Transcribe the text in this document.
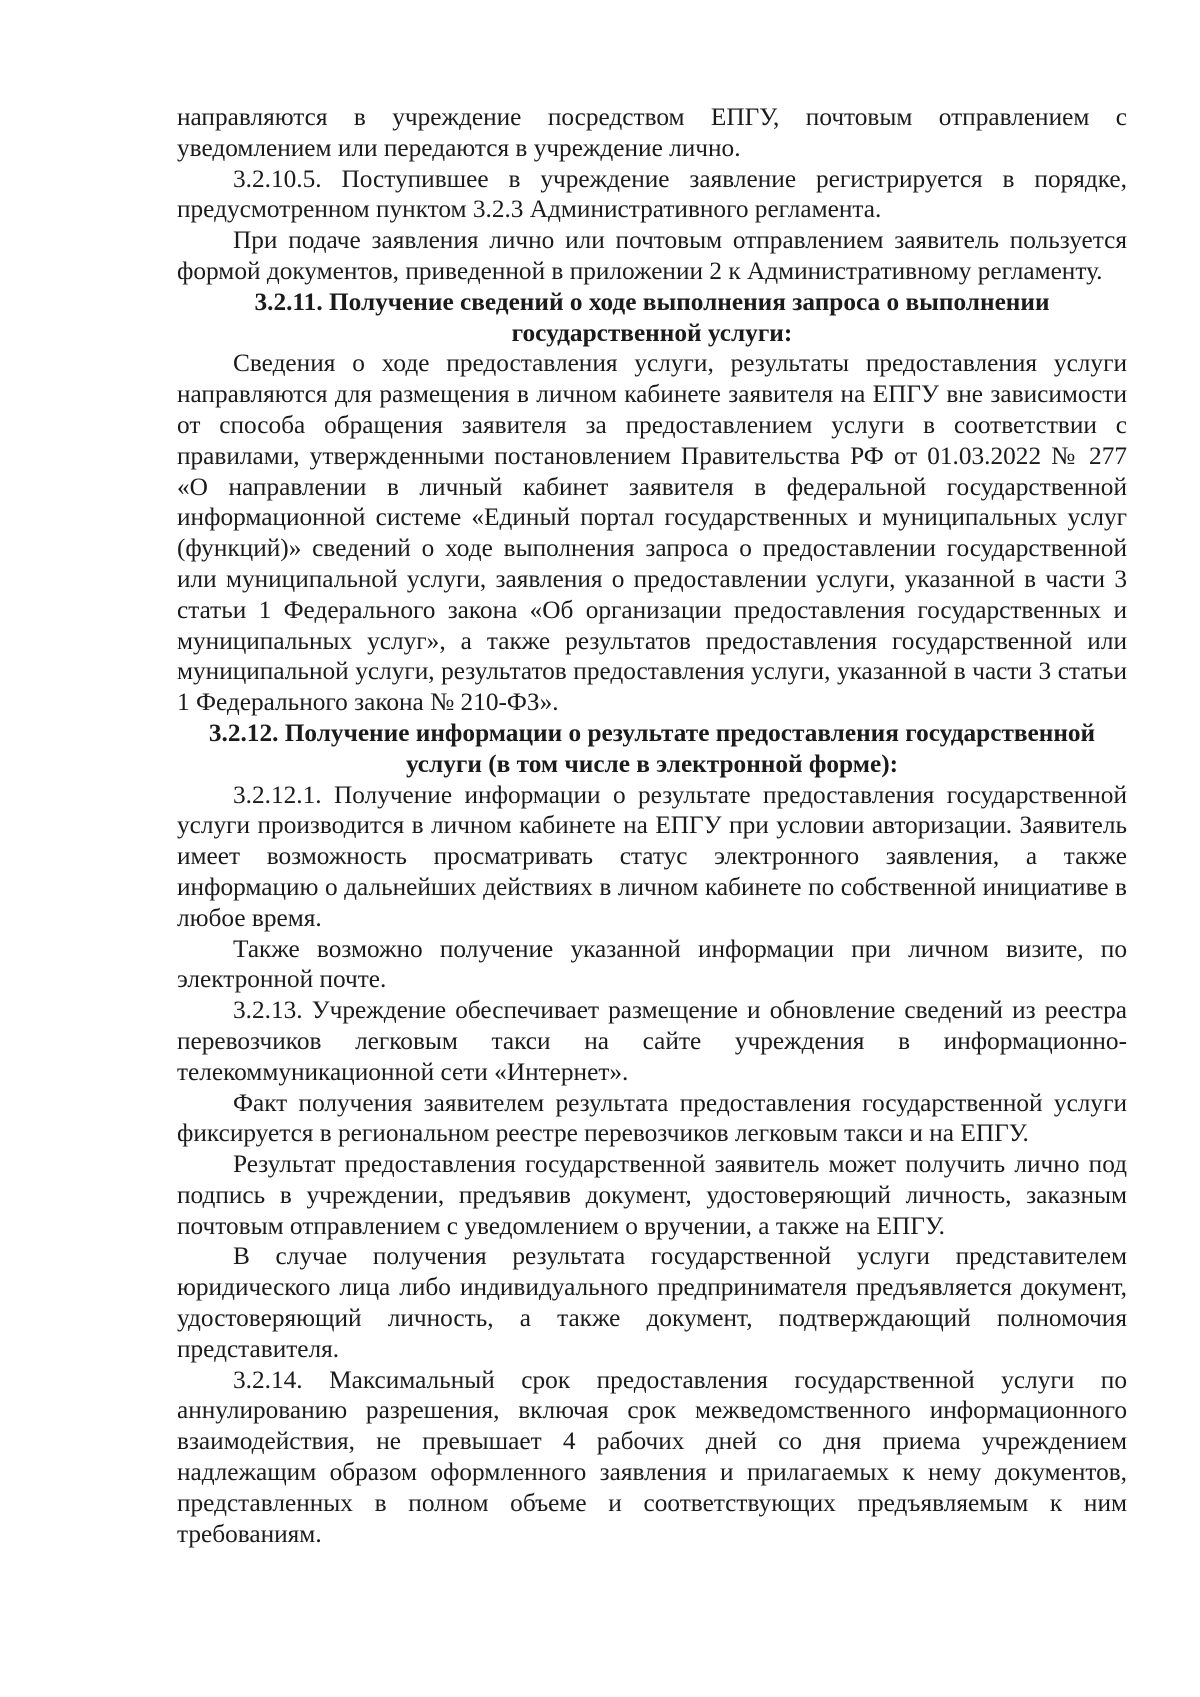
направляются в учреждение посредством ЕПГУ, почтовым отправлением с уведомлением или передаются в учреждение лично.

3.2.10.5. Поступившее в учреждение заявление регистрируется в порядке, предусмотренном пунктом 3.2.3 Административного регламента.

При подаче заявления лично или почтовым отправлением заявитель пользуется формой документов, приведенной в приложении 2 к Административному регламенту.

3.2.11. Получение сведений о ходе выполнения запроса о выполнении государственной услуги:

Сведения о ходе предоставления услуги, результаты предоставления услуги направляются для размещения в личном кабинете заявителя на ЕПГУ вне зависимости от способа обращения заявителя за предоставлением услуги в соответствии с правилами, утвержденными постановлением Правительства РФ от 01.03.2022 № 277 «О направлении в личный кабинет заявителя в федеральной государственной информационной системе «Единый портал государственных и муниципальных услуг (функций)» сведений о ходе выполнения запроса о предоставлении государственной или муниципальной услуги, заявления о предоставлении услуги, указанной в части 3 статьи 1 Федерального закона «Об организации предоставления государственных и муниципальных услуг», а также результатов предоставления государственной или муниципальной услуги, результатов предоставления услуги, указанной в части 3 статьи 1 Федерального закона № 210-ФЗ».

3.2.12. Получение информации о результате предоставления государственной услуги (в том числе в электронной форме):

3.2.12.1. Получение информации о результате предоставления государственной услуги производится в личном кабинете на ЕПГУ при условии авторизации. Заявитель имеет возможность просматривать статус электронного заявления, а также информацию о дальнейших действиях в личном кабинете по собственной инициативе в любое время.

Также возможно получение указанной информации при личном визите, по электронной почте.

3.2.13. Учреждение обеспечивает размещение и обновление сведений из реестра перевозчиков легковым такси на сайте учреждения в информационно-телекоммуникационной сети «Интернет».

Факт получения заявителем результата предоставления государственной услуги фиксируется в региональном реестре перевозчиков легковым такси и на ЕПГУ.

Результат предоставления государственной заявитель может получить лично под подпись в учреждении, предъявив документ, удостоверяющий личность, заказным почтовым отправлением с уведомлением о вручении, а также на ЕПГУ.

В случае получения результата государственной услуги представителем юридического лица либо индивидуального предпринимателя предъявляется документ, удостоверяющий личность, а также документ, подтверждающий полномочия представителя.

3.2.14. Максимальный срок предоставления государственной услуги по аннулированию разрешения, включая срок межведомственного информационного взаимодействия, не превышает 4 рабочих дней со дня приема учреждением надлежащим образом оформленного заявления и прилагаемых к нему документов, представленных в полном объеме и соответствующих предъявляемым к ним требованиям.
